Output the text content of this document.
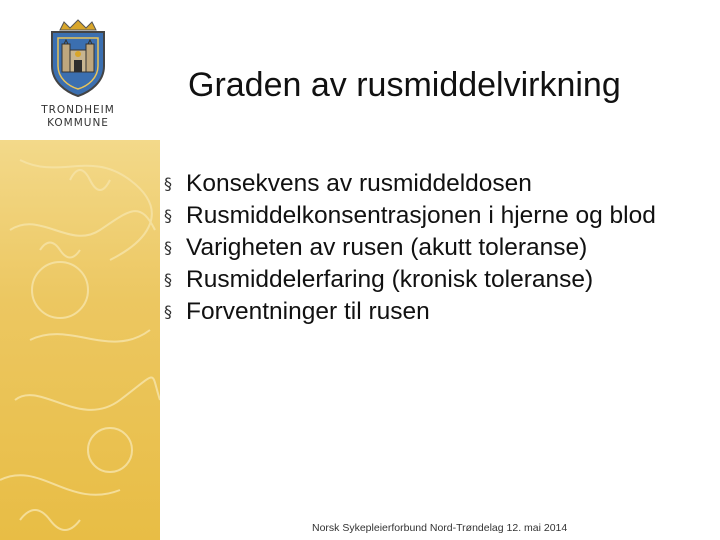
TRONDHEIM
KOMMUNE
Graden av rusmiddelvirkning
§ Konsekvens av rusmiddeldosen
§ Rusmiddelkonsentrasjonen i hjerne og blod
§ Varigheten av rusen (akutt toleranse)
§ Rusmiddelerfaring (kronisk toleranse)
§ Forventninger til rusen
Norsk Sykepleierforbund Nord-Trøndelag 12. mai 2014
